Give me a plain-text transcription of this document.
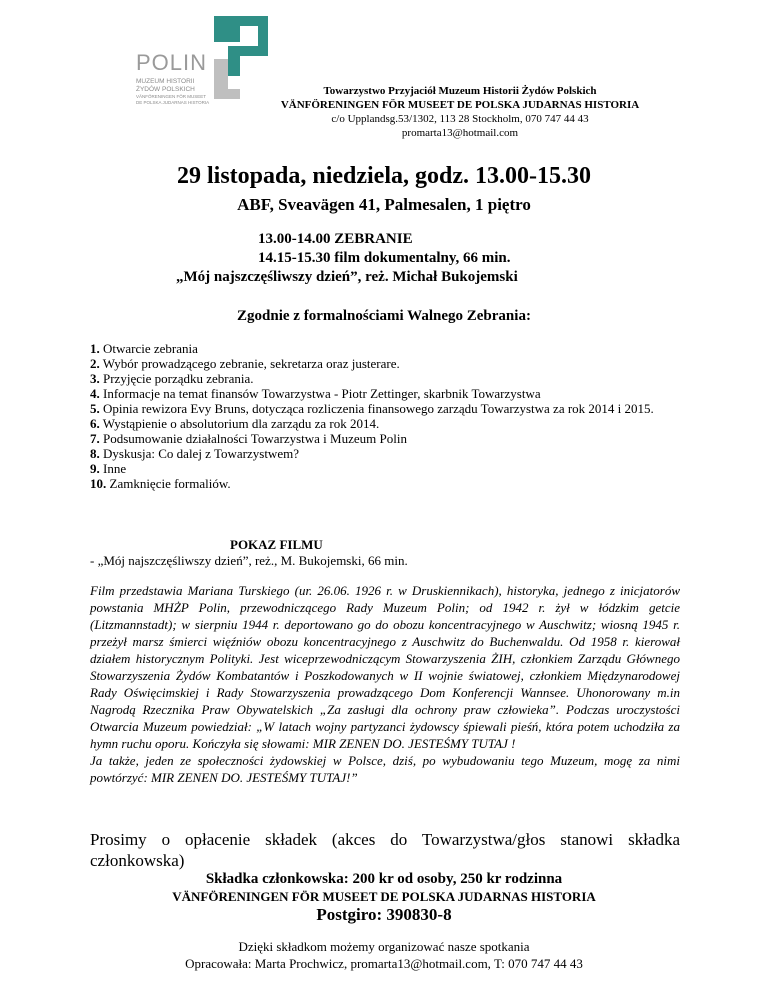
POLIN
MUZEUM HISTORII
ŻYDÓW POLSKICH
VÄNFÖRENINGEN FÖR MUSEET
DE POLSKA JUDARNAS HISTORIA
Towarzystwo Przyjaciół Muzeum Historii Żydów Polskich
VÄNFÖRENINGEN FÖR MUSEET DE POLSKA JUDARNAS HISTORIA
c/o Upplandsg.53/1302, 113 28 Stockholm, 070 747 44 43
promarta13@hotmail.com
29 listopada, niedziela, godz. 13.00-15.30
ABF, Sveavägen 41, Palmesalen, 1 piętro
13.00-14.00 ZEBRANIE
14.15-15.30 film dokumentalny, 66 min.
„Mój najszczęśliwszy dzień”, reż. Michał Bukojemski
Zgodnie z formalnościami Walnego Zebrania:

1. Otwarcie zebrania

2. Wybór prowadzącego zebranie, sekretarza oraz justerare.

3. Przyjęcie porządku zebrania.

4. Informacje na temat finansów Towarzystwa - Piotr Zettinger, skarbnik Towarzystwa

5. Opinia rewizora Evy Bruns, dotycząca rozliczenia finansowego zarządu Towarzystwa za rok 2014 i 2015.

6. Wystąpienie o absolutorium dla zarządu za rok 2014.

7. Podsumowanie działalności Towarzystwa i Muzeum Polin

8. Dyskusja: Co dalej z Towarzystwem?

9. Inne

10. Zamknięcie formaliów.

POKAZ FILMU
- „Mój najszczęśliwszy dzień”, reż., M. Bukojemski, 66 min.

Film przedstawia Mariana Turskiego (ur. 26.06. 1926 r. w Druskiennikach), historyka, jednego z inicjatorów powstania MHŻP Polin, przewodniczącego Rady Muzeum Polin; od 1942 r. żył w łódzkim getcie (Litzmannstadt); w sierpniu 1944 r. deportowano go do obozu koncentracyjnego w Auschwitz; wiosną 1945 r. przeżył marsz śmierci więźniów obozu koncentracyjnego z Auschwitz do Buchenwaldu. Od 1958 r. kierował działem historycznym Polityki. Jest wiceprzewodniczącym Stowarzyszenia ŻIH, członkiem Zarządu Głównego Stowarzyszenia Żydów Kombatantów i Poszkodowanych w II wojnie światowej, członkiem Międzynarodowej Rady Oświęcimskiej i Rady Stowarzyszenia prowadzącego Dom Konferencji Wannsee. Uhonorowany m.in Nagrodą Rzecznika Praw Obywatelskich „Za zasługi dla ochrony praw człowieka”. Podczas uroczystości Otwarcia Muzeum powiedział: „W latach wojny partyzanci żydowscy śpiewali pieśń, która potem uchodziła za hymn ruchu oporu. Kończyła się słowami: MIR ZENEN DO. JESTEŚMY TUTAJ !

Ja także, jeden ze społeczności żydowskiej w Polsce, dziś, po wybudowaniu tego Muzeum, mogę za nimi powtórzyć: MIR ZENEN DO. JESTEŚMY TUTAJ!”

Prosimy o opłacenie składek (akces do Towarzystwa/głos stanowi składka członkowska)
Składka członkowska: 200 kr od osoby, 250 kr rodzinna
VÄNFÖRENINGEN FÖR MUSEET DE POLSKA JUDARNAS HISTORIA
Postgiro: 390830-8
Dzięki składkom możemy organizować nasze spotkania
Opracowała: Marta Prochwicz, promarta13@hotmail.com, T: 070 747 44 43
